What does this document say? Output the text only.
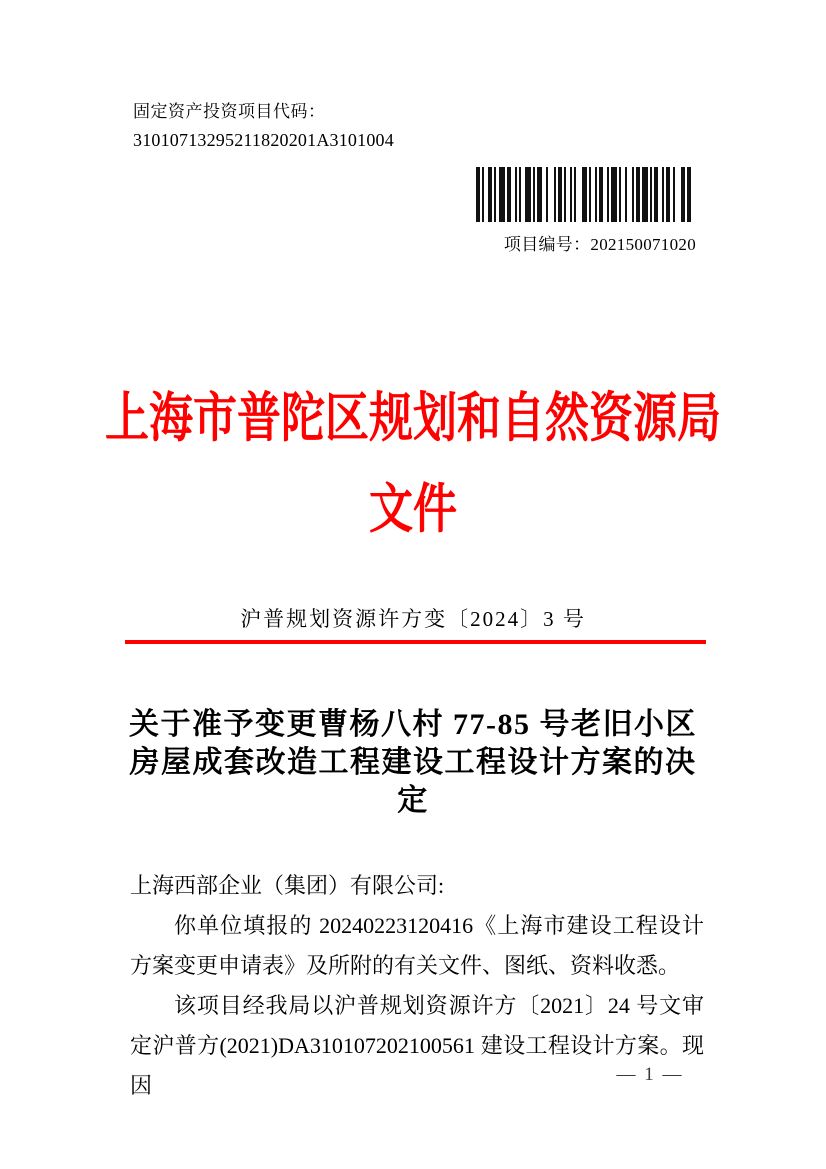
固定资产投资项目代码：
31010713295211820201A3101004
项目编号：202150071020
上海市普陀区规划和自然资源局
文件
沪普规划资源许方变〔2024〕3 号
关于准予变更曹杨八村 77-85 号老旧小区
房屋成套改造工程建设工程设计方案的决
定

上海西部企业（集团）有限公司:

你单位填报的 20240223120416《上海市建设工程设计方案变更申请表》及所附的有关文件、图纸、资料收悉。

该项目经我局以沪普规划资源许方〔2021〕24 号文审定沪普方(2021)DA310107202100561 建设工程设计方案。现因	— 1 —
